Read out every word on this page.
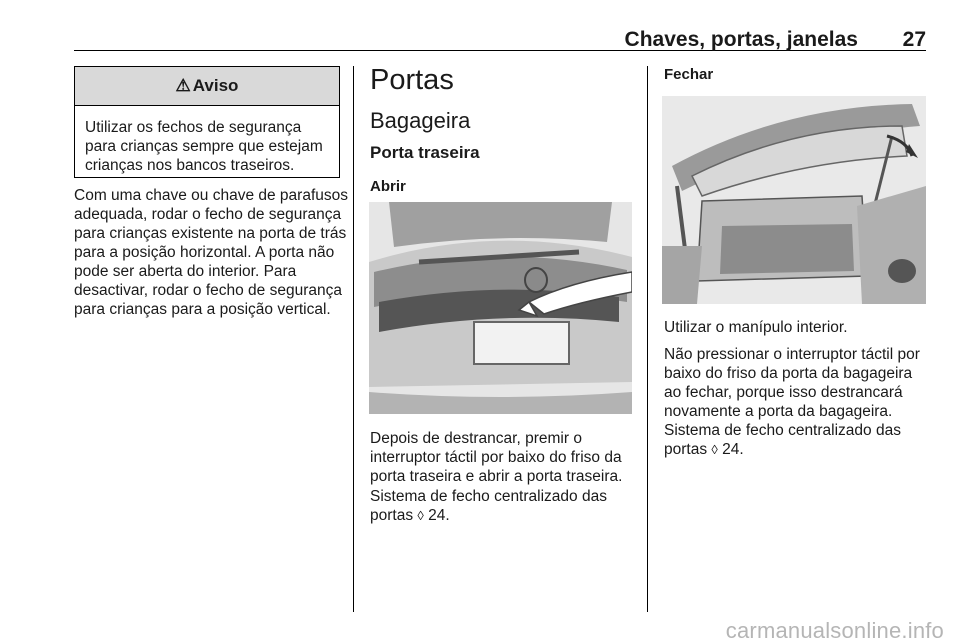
Chaves, portas, janelas 27
⚠ Aviso
Utilizar os fechos de segurança para crianças sempre que estejam crianças nos bancos traseiros.
Com uma chave ou chave de parafusos adequada, rodar o fecho de segurança para crianças existente na porta de trás para a posição horizontal. A porta não pode ser aberta do interior. Para desactivar, rodar o fecho de segurança para crianças para a posição vertical.
Portas
Bagageira
Porta traseira
Abrir
Depois de destrancar, premir o interruptor táctil por baixo do friso da porta traseira e abrir a porta traseira.
Sistema de fecho centralizado das portas ◊ 24.
Fechar
Utilizar o manípulo interior.
Não pressionar o interruptor táctil por baixo do friso da porta da bagageira ao fechar, porque isso destrancará novamente a porta da bagageira.
Sistema de fecho centralizado das portas ◊ 24.
carmanualsonline.info
